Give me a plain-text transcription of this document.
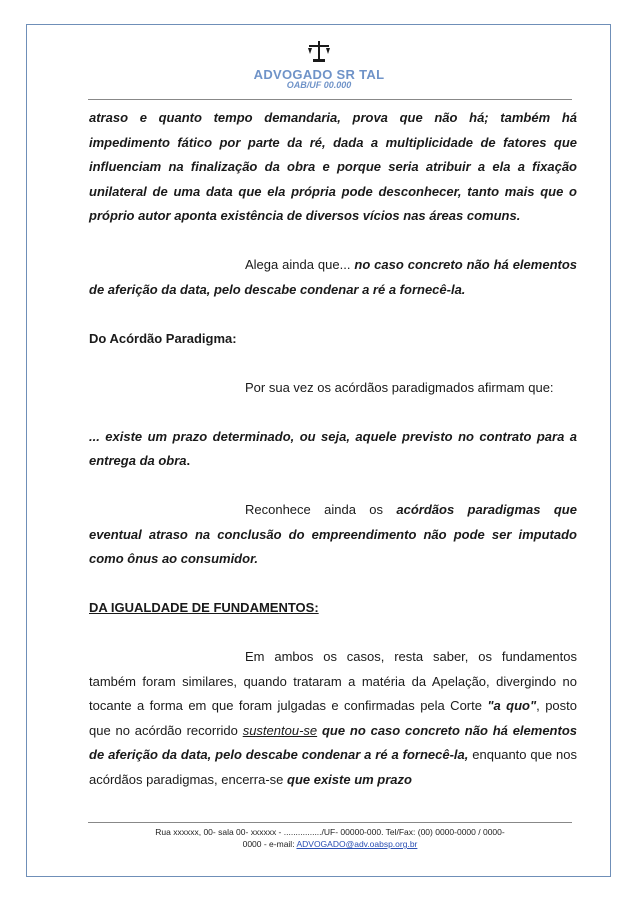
ADVOGADO SR TAL
OAB/UF 00.000

atraso e quanto tempo demandaria, prova que não há; também há impedimento fático por parte da ré, dada a multiplicidade de fatores que influenciam na finalização da obra e porque seria atribuir a ela a fixação unilateral de uma data que ela própria pode desconhecer, tanto mais que o próprio autor aponta existência de diversos vícios nas áreas comuns.

Alega ainda que... no caso concreto não há elementos de aferição da data, pelo descabe condenar a ré a fornecê-la.

Do Acórdão Paradigma:

Por sua vez os acórdãos paradigmados afirmam que:

... existe um prazo determinado, ou seja, aquele previsto no contrato para a entrega da obra.

Reconhece ainda os acórdãos paradigmas que eventual atraso na conclusão do empreendimento não pode ser imputado como ônus ao consumidor.

DA IGUALDADE DE FUNDAMENTOS:

Em ambos os casos, resta saber, os fundamentos também foram similares, quando trataram a matéria da Apelação, divergindo no tocante a forma em que foram julgadas e confirmadas pela Corte "a quo", posto que no acórdão recorrido sustentou-se que no caso concreto não há elementos de aferição da data, pelo descabe condenar a ré a fornecê-la, enquanto que nos acórdãos paradigmas, encerra-se que existe um prazo

Rua xxxxxx, 00- sala 00- xxxxxx - ................/UF- 00000-000. Tel/Fax: (00) 0000-0000 / 0000-
0000 - e-mail: ADVOGADO@adv.oabsp.org.br
